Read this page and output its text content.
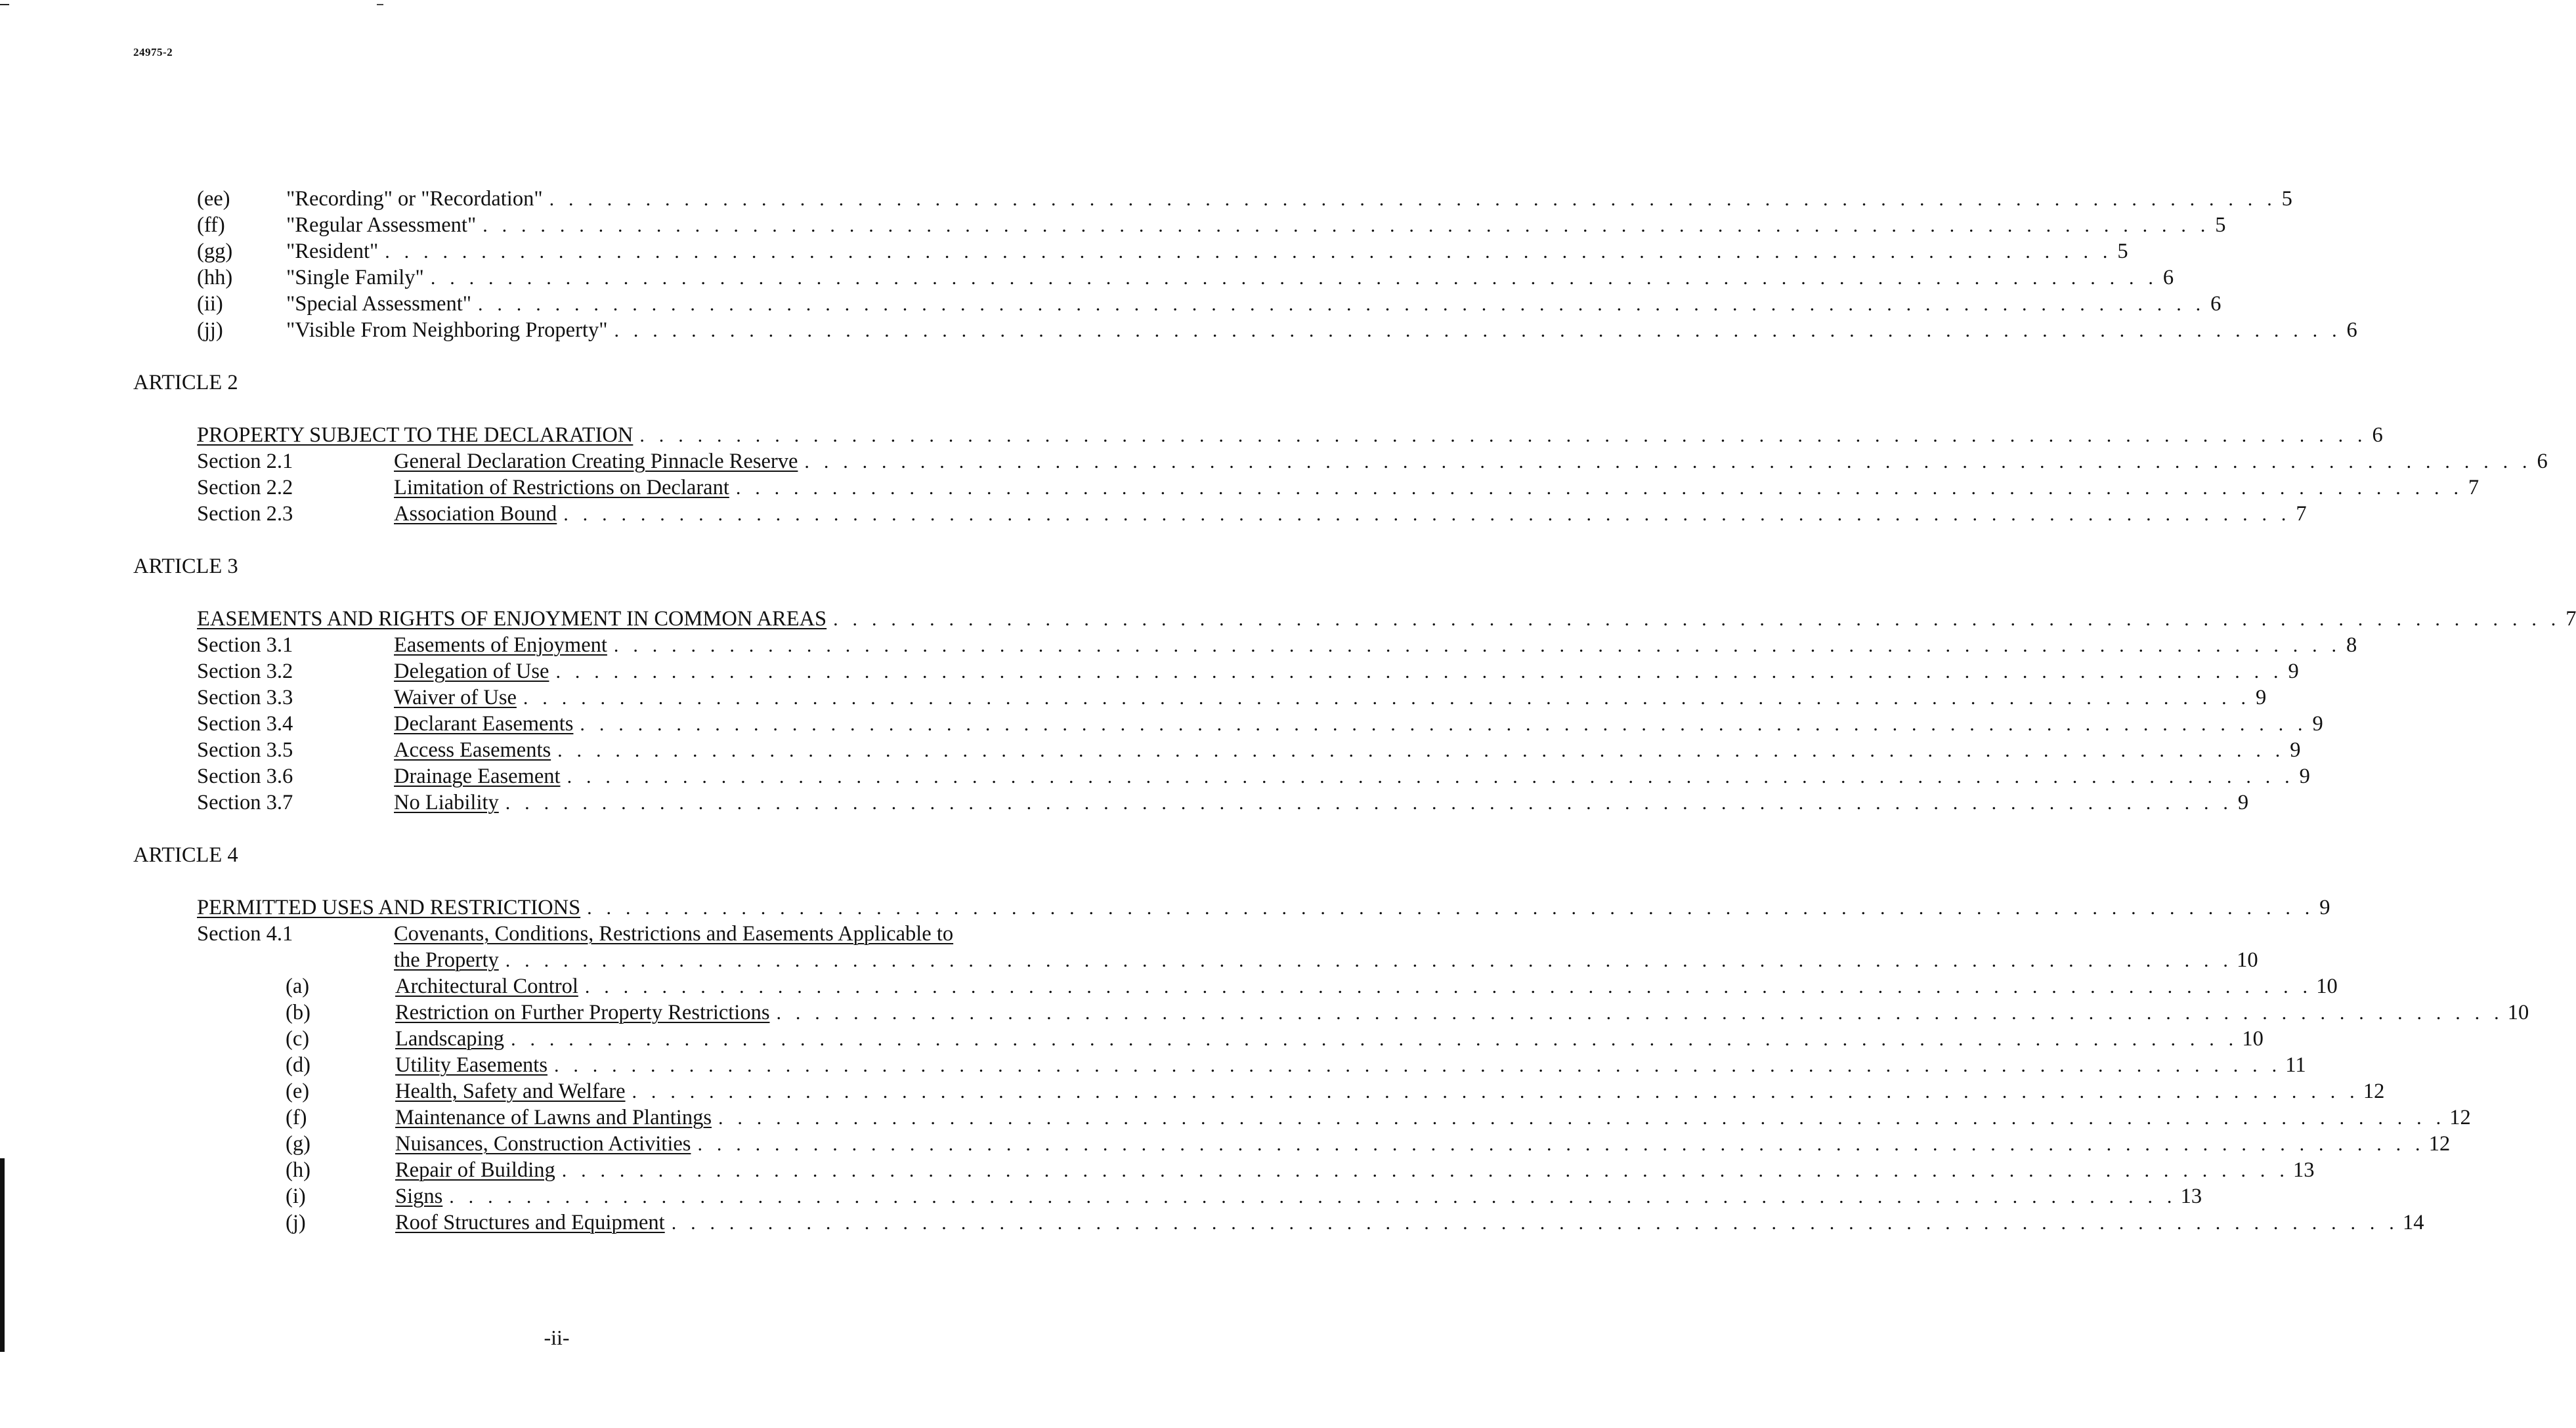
24975-2
(ee)	"Recording" or "Recordation" . . .	5
(ff)	"Regular Assessment" . . .	5
(gg)	"Resident" . . .	5
(hh)	"Single Family" . . .	6
(ii)	"Special Assessment" . . .	6
(jj)	"Visible From Neighboring Property" . . .	6
ARTICLE 2
PROPERTY SUBJECT TO THE DECLARATION . . .	6
Section 2.1	General Declaration Creating Pinnacle Reserve . . .	6
Section 2.2	Limitation of Restrictions on Declarant . . .	7
Section 2.3	Association Bound . . .	7
ARTICLE 3
EASEMENTS AND RIGHTS OF ENJOYMENT IN COMMON AREAS . . .	7
Section 3.1	Easements of Enjoyment . . .	8
Section 3.2	Delegation of Use . . .	9
Section 3.3	Waiver of Use . . .	9
Section 3.4	Declarant Easements . . .	9
Section 3.5	Access Easements . . .	9
Section 3.6	Drainage Easement . . .	9
Section 3.7	No Liability . . .	9
ARTICLE 4
PERMITTED USES AND RESTRICTIONS . . .	9
Section 4.1	Covenants, Conditions, Restrictions and Easements Applicable to
the Property . . .	10
(a)	Architectural Control . . .	10
(b)	Restriction on Further Property Restrictions . . .	10
(c)	Landscaping . . .	10
(d)	Utility Easements . . .	11
(e)	Health, Safety and Welfare . . .	12
(f)	Maintenance of Lawns and Plantings . . .	12
(g)	Nuisances, Construction Activities . . .	12
(h)	Repair of Building . . .	13
(i)	Signs . . .	13
(j)	Roof Structures and Equipment . . .	14
-ii-
